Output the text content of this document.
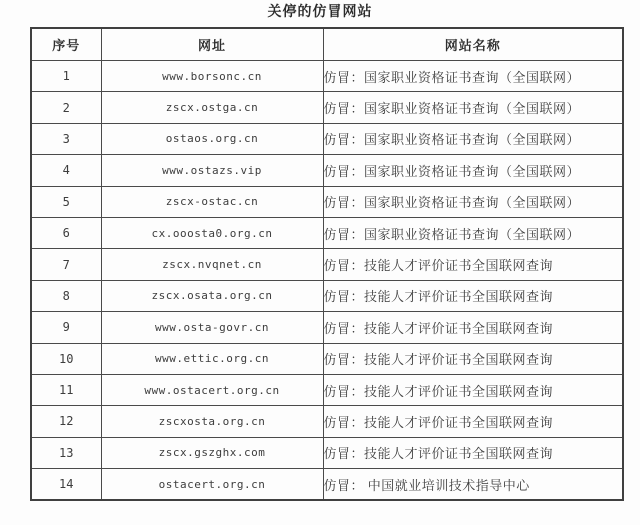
关停的仿冒网站
序号	网址	网站名称
1	www.borsonc.cn	仿冒：国家职业资格证书查询（全国联网）
2	zscx.ostga.cn	仿冒：国家职业资格证书查询（全国联网）
3	ostaos.org.cn	仿冒：国家职业资格证书查询（全国联网）
4	www.ostazs.vip	仿冒：国家职业资格证书查询（全国联网）
5	zscx-ostac.cn	仿冒：国家职业资格证书查询（全国联网）
6	cx.ooosta0.org.cn	仿冒：国家职业资格证书查询（全国联网）
7	zscx.nvqnet.cn	仿冒：技能人才评价证书全国联网查询
8	zscx.osata.org.cn	仿冒：技能人才评价证书全国联网查询
9	www.osta-govr.cn	仿冒：技能人才评价证书全国联网查询
10	www.ettic.org.cn	仿冒：技能人才评价证书全国联网查询
11	www.ostacert.org.cn	仿冒：技能人才评价证书全国联网查询
12	zscxosta.org.cn	仿冒：技能人才评价证书全国联网查询
13	zscx.gszghx.com	仿冒：技能人才评价证书全国联网查询
14	ostacert.org.cn	仿冒： 中国就业培训技术指导中心
